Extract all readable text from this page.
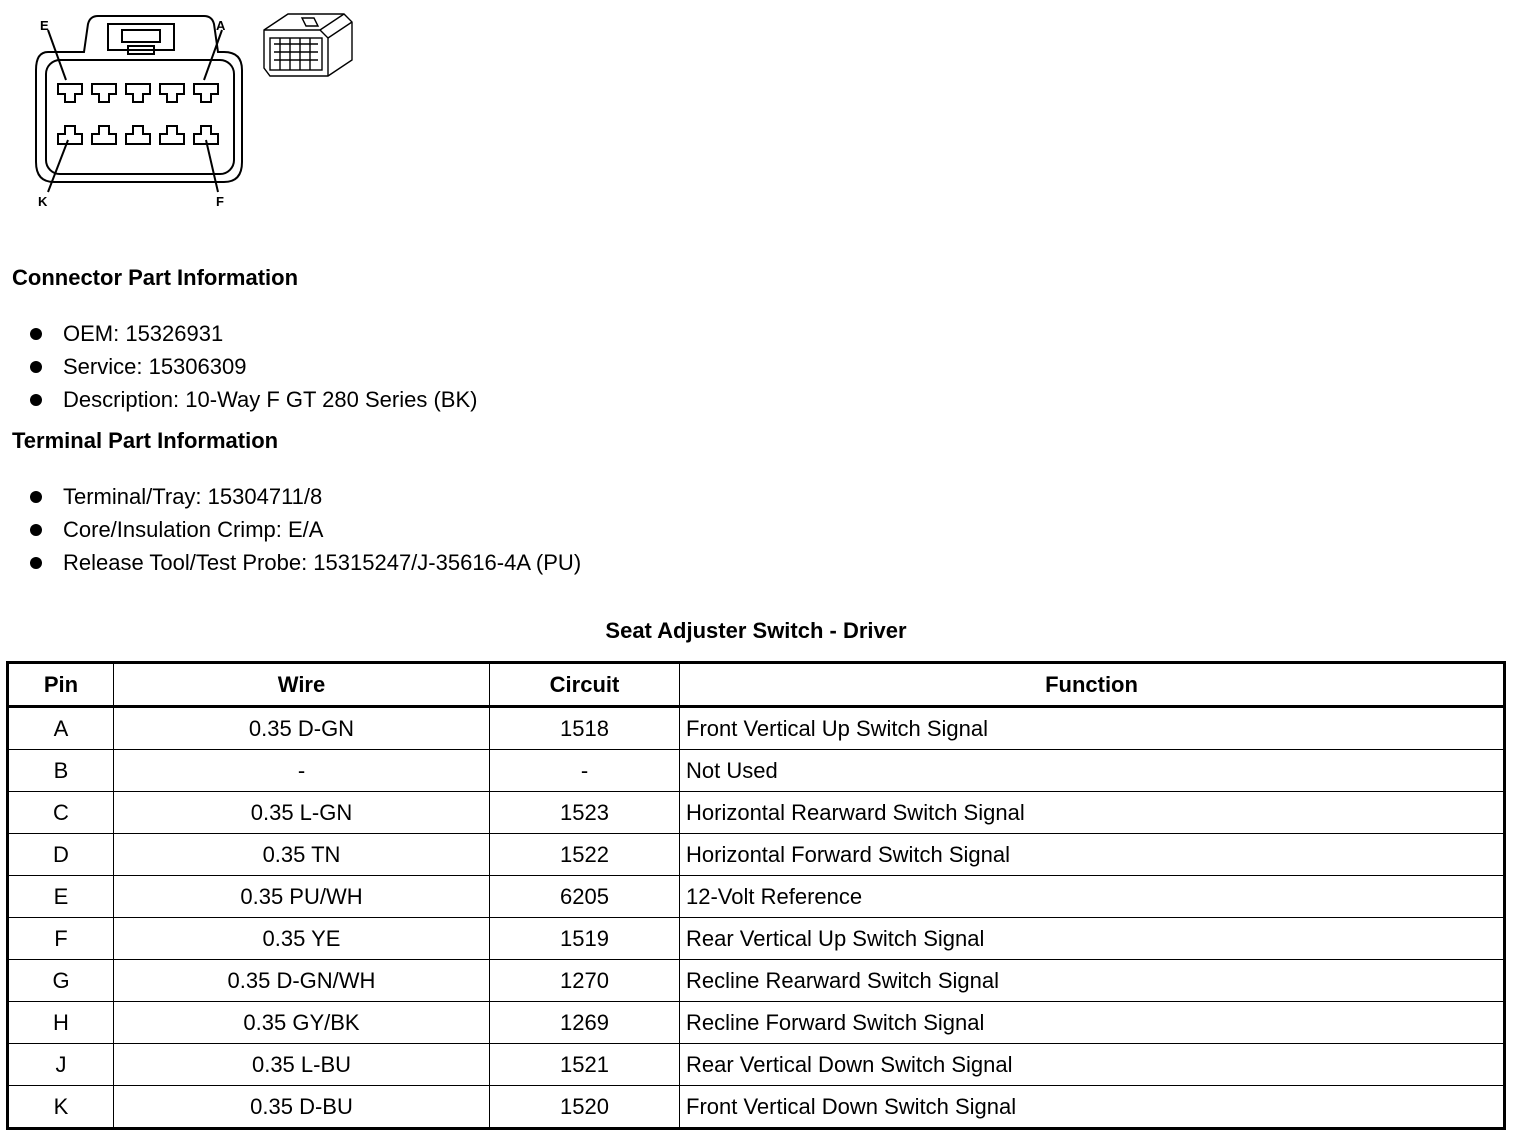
E	A
K	F
Connector Part Information
OEM: 15326931
Service: 15306309
Description: 10-Way F GT 280 Series (BK)
Terminal Part Information
Terminal/Tray: 15304711/8
Core/Insulation Crimp: E/A
Release Tool/Test Probe: 15315247/J-35616-4A (PU)
Seat Adjuster Switch - Driver
Pin	Wire	Circuit	Function
A	0.35 D-GN	1518	Front Vertical Up Switch Signal
B	-	-	Not Used
C	0.35 L-GN	1523	Horizontal Rearward Switch Signal
D	0.35 TN	1522	Horizontal Forward Switch Signal
E	0.35 PU/WH	6205	12-Volt Reference
F	0.35 YE	1519	Rear Vertical Up Switch Signal
G	0.35 D-GN/WH	1270	Recline Rearward Switch Signal
H	0.35 GY/BK	1269	Recline Forward Switch Signal
J	0.35 L-BU	1521	Rear Vertical Down Switch Signal
K	0.35 D-BU	1520	Front Vertical Down Switch Signal
